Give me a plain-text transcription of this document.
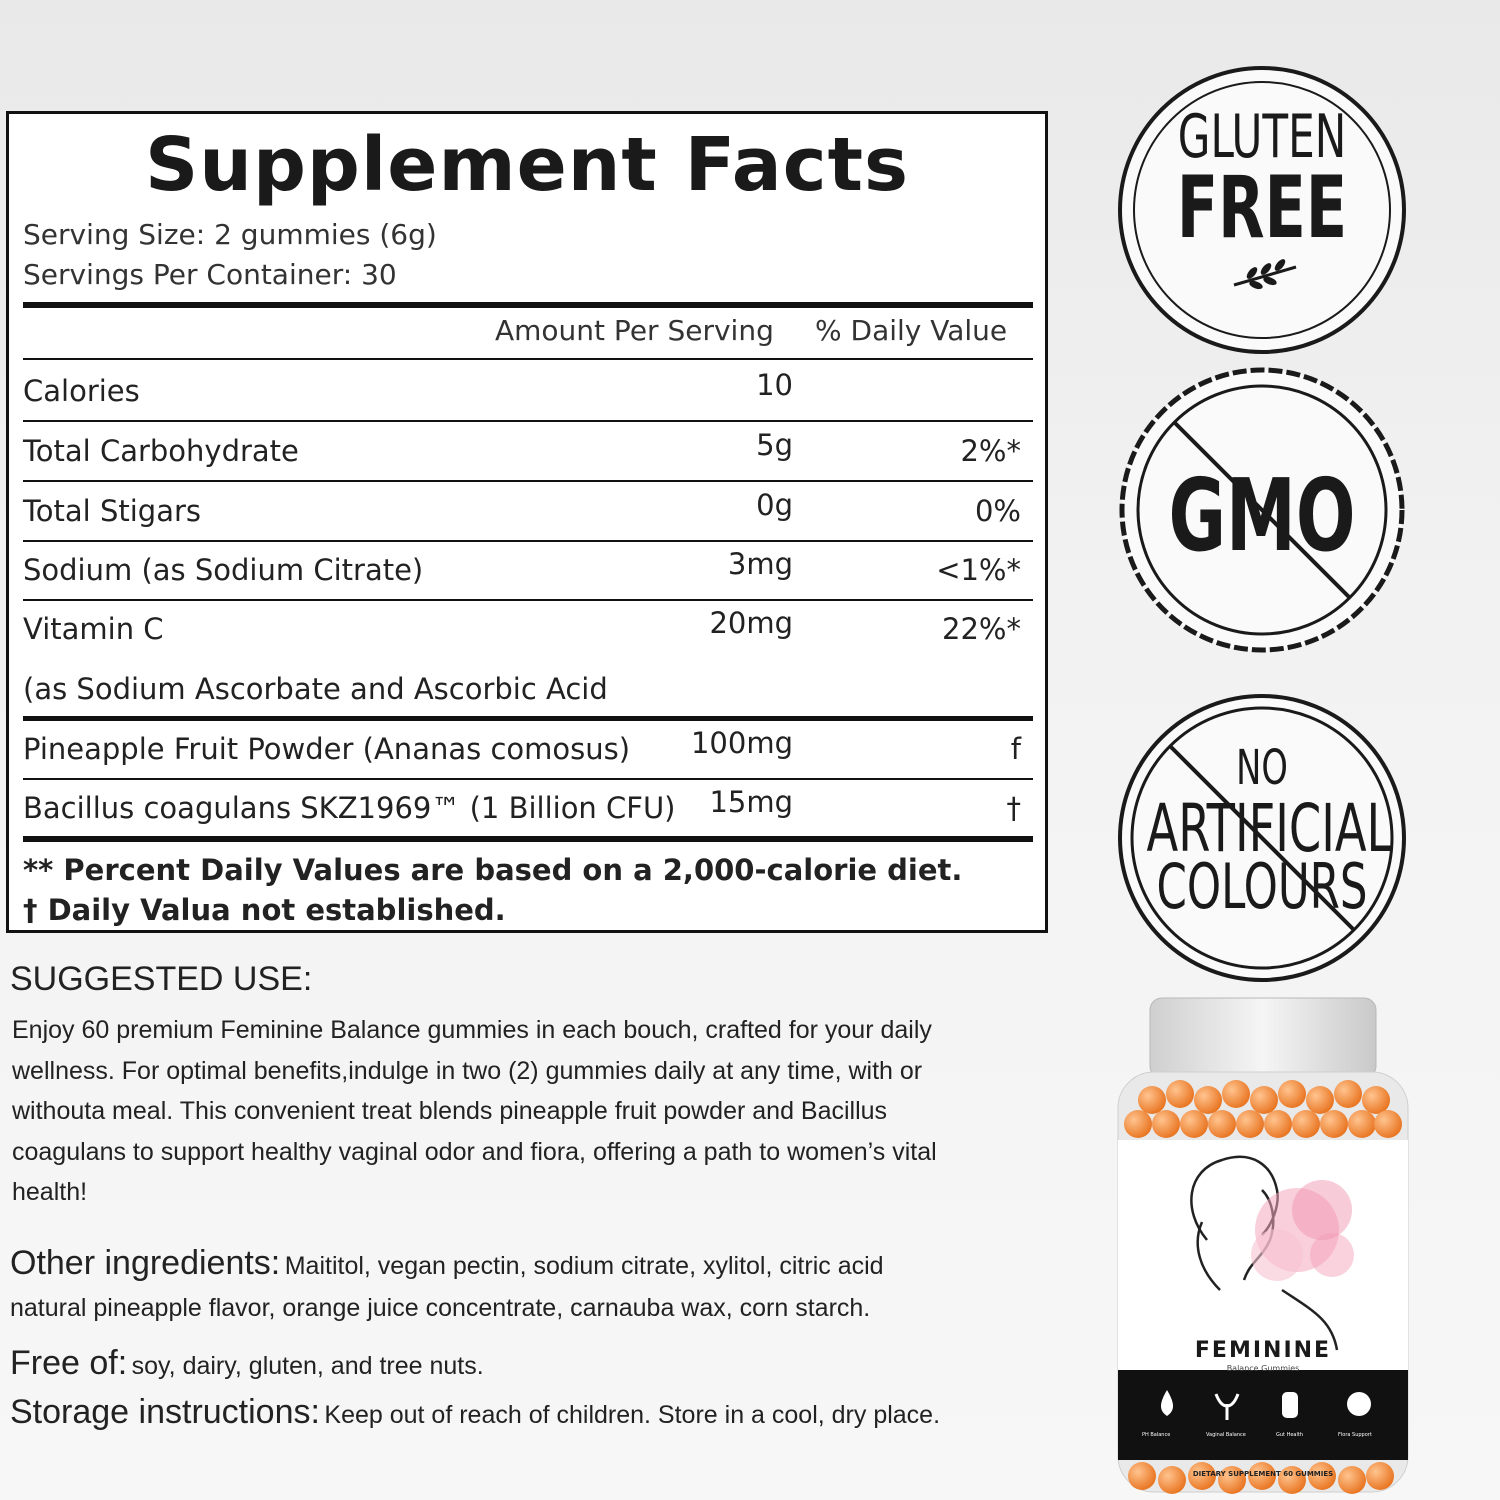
Supplement Facts
Serving Size: 2 gummies (6g)
Servings Per Container: 30
Amount Per Serving % Daily Value
Calories	10
Total Carbohydrate	5g	2%*
Total Stigars	0g	0%
Sodium (as Sodium Citrate)	3mg	<1%*
Vitamin C	20mg	22%*
(as Sodium Ascorbate and Ascorbic Acid
Pineapple Fruit Powder (Ananas comosus)	100mg	f
Bacillus coagulans SKZ1969™ (1 Billion CFU)	15mg	†
** Percent Daily Values are based on a 2,000-calorie diet.
† Daily Valua not established.
SUGGESTED USE:
Enjoy 60 premium Feminine Balance gummies in each bouch, crafted for your daily
wellness. For optimal benefits,indulge in two (2) gummies daily at any time, with or
withouta meal. This convenient treat blends pineapple fruit powder and Bacillus
coagulans to support healthy vaginal odor and fiora, offering a path to women’s vital
health!
Other ingredients: Maititol, vegan pectin, sodium citrate, xylitol, citric acid
natural pineapple flavor, orange juice concentrate, carnauba wax, corn starch.
Free of: soy, dairy, gluten, and tree nuts.
Storage instructions: Keep out of reach of children. Store in a cool, dry place.
GLUTEN
FREE
GMO
NO
ARTIFICIAL
COLOURS
FEMININE
Balance Gummies
PH Balance	Vaginal Balance	Gut Health	Flora Support
DIETARY SUPPLEMENT 60 GUMMIES
